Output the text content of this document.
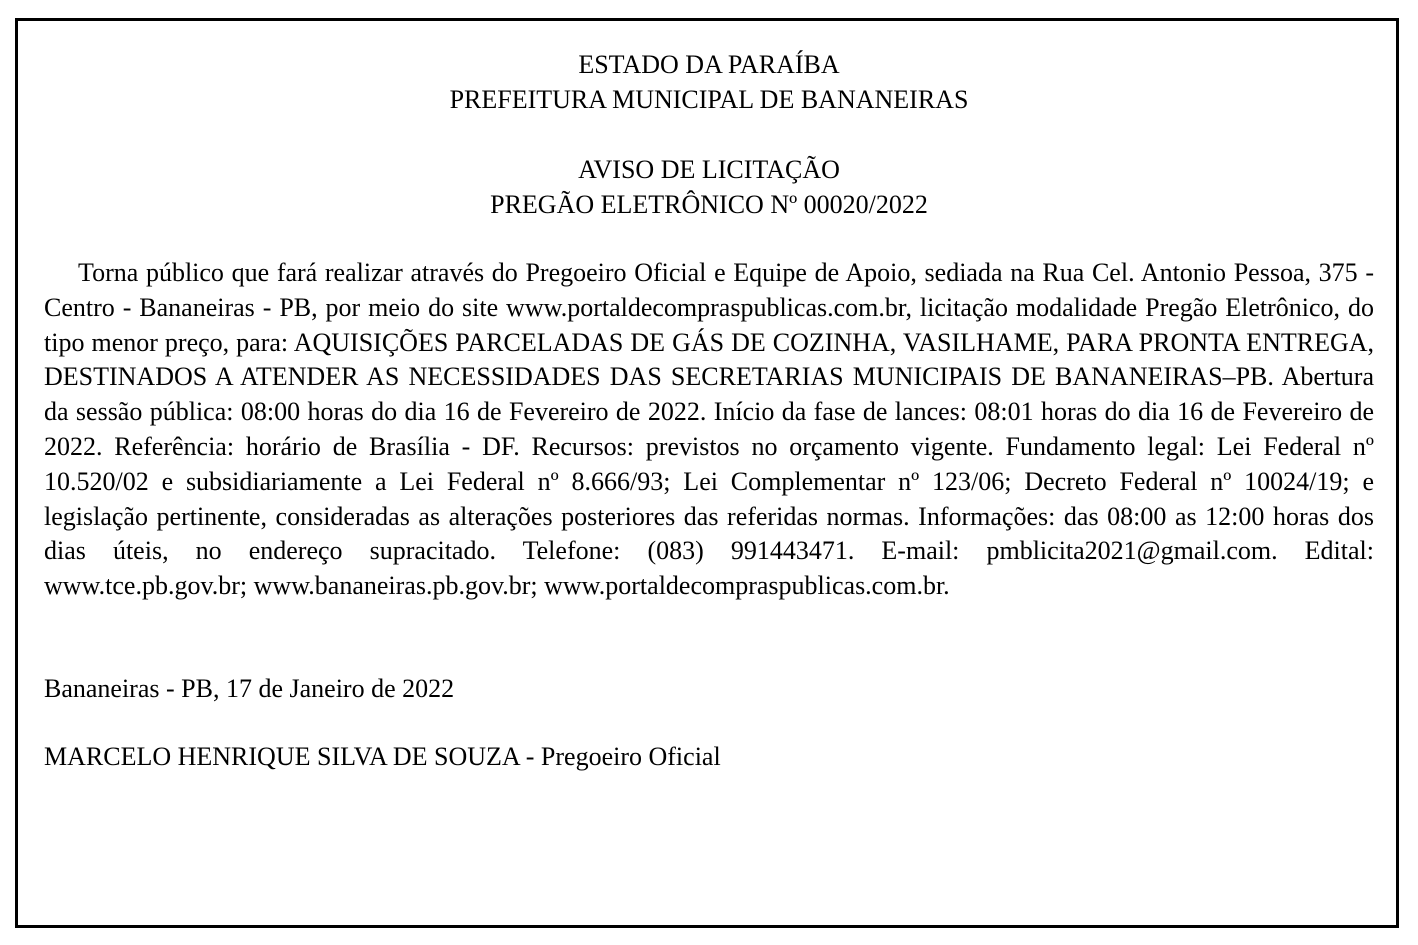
ESTADO DA PARAÍBA

PREFEITURA MUNICIPAL DE BANANEIRAS

AVISO DE LICITAÇÃO

PREGÃO ELETRÔNICO Nº 00020/2022

Torna público que fará realizar através do Pregoeiro Oficial e Equipe de Apoio, sediada na Rua Cel. Antonio Pessoa, 375 - Centro - Bananeiras - PB, por meio do site www.portaldecompraspublicas.com.br, licitação modalidade Pregão Eletrônico, do tipo menor preço, para: AQUISIÇÕES PARCELADAS DE GÁS DE COZINHA, VASILHAME, PARA PRONTA ENTREGA, DESTINADOS A ATENDER AS NECESSIDADES DAS SECRETARIAS MUNICIPAIS DE BANANEIRAS–PB. Abertura da sessão pública: 08:00 horas do dia 16 de Fevereiro de 2022. Início da fase de lances: 08:01 horas do dia 16 de Fevereiro de 2022. Referência: horário de Brasília - DF. Recursos: previstos no orçamento vigente. Fundamento legal: Lei Federal nº 10.520/02 e subsidiariamente a Lei Federal nº 8.666/93; Lei Complementar nº 123/06; Decreto Federal nº 10024/19; e legislação pertinente, consideradas as alterações posteriores das referidas normas. Informações: das 08:00 as 12:00 horas dos dias úteis, no endereço supracitado. Telefone: (083) 991443471. E-mail: pmblicita2021@gmail.com. Edital: www.tce.pb.gov.br; www.bananeiras.pb.gov.br; www.portaldecompraspublicas.com.br.

Bananeiras - PB, 17 de Janeiro de 2022

MARCELO HENRIQUE SILVA DE SOUZA - Pregoeiro Oficial
